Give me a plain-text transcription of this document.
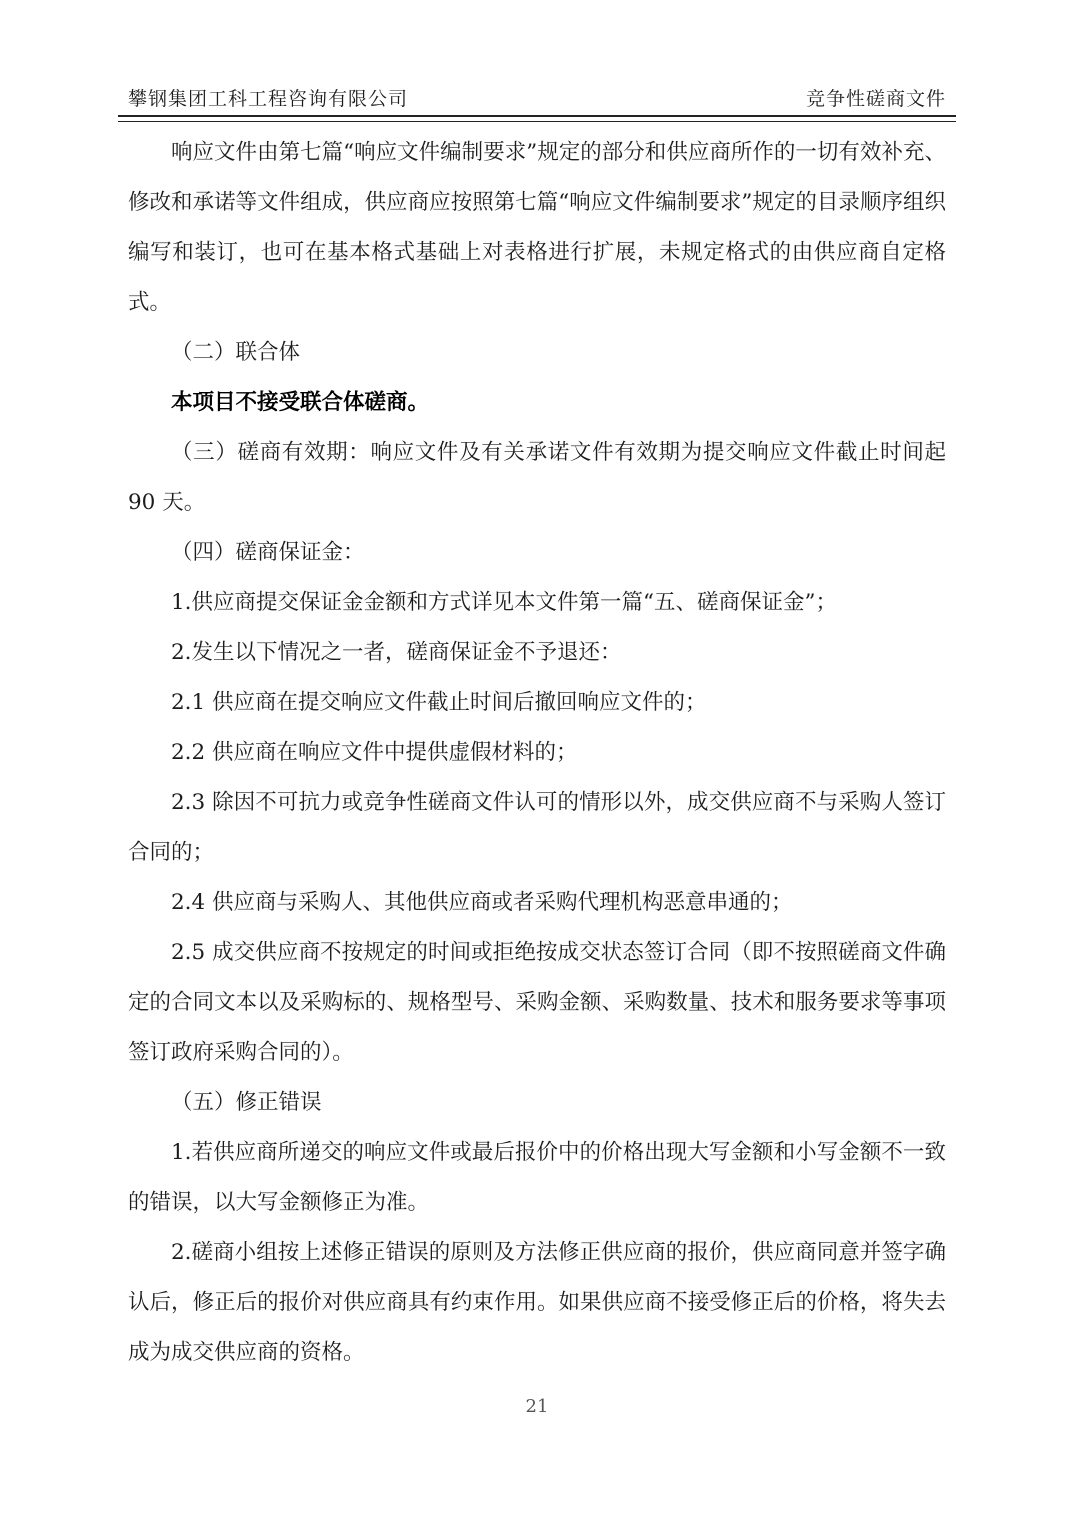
攀钢集团工科工程咨询有限公司	竞争性磋商文件

响应文件由第七篇“响应文件编制要求”规定的部分和供应商所作的一切有效补充、修改和承诺等文件组成，供应商应按照第七篇“响应文件编制要求”规定的目录顺序组织编写和装订，也可在基本格式基础上对表格进行扩展，未规定格式的由供应商自定格式。

（二）联合体

本项目不接受联合体磋商。

（三）磋商有效期：响应文件及有关承诺文件有效期为提交响应文件截止时间起 90 天。

（四）磋商保证金：

1.供应商提交保证金金额和方式详见本文件第一篇“五、磋商保证金”；

2.发生以下情况之一者，磋商保证金不予退还：

2.1 供应商在提交响应文件截止时间后撤回响应文件的；

2.2 供应商在响应文件中提供虚假材料的；

2.3 除因不可抗力或竞争性磋商文件认可的情形以外，成交供应商不与采购人签订合同的；

2.4 供应商与采购人、其他供应商或者采购代理机构恶意串通的；

2.5 成交供应商不按规定的时间或拒绝按成交状态签订合同（即不按照磋商文件确定的合同文本以及采购标的、规格型号、采购金额、采购数量、技术和服务要求等事项签订政府采购合同的）。

（五）修正错误

1.若供应商所递交的响应文件或最后报价中的价格出现大写金额和小写金额不一致的错误，以大写金额修正为准。

2.磋商小组按上述修正错误的原则及方法修正供应商的报价，供应商同意并签字确认后，修正后的报价对供应商具有约束作用。如果供应商不接受修正后的价格，将失去成为成交供应商的资格。

21
